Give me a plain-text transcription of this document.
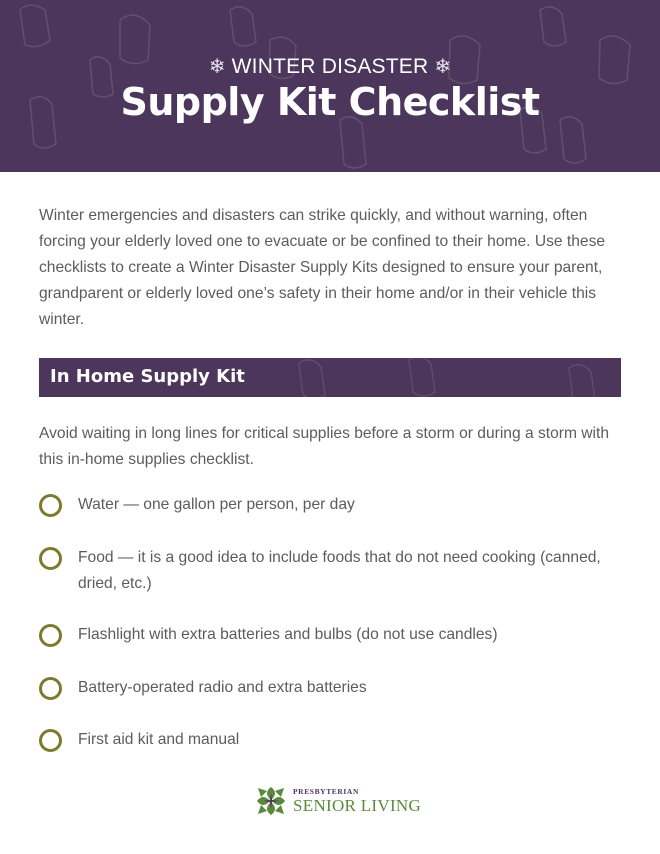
❄ WINTER DISASTER ❄
Supply Kit Checklist

Winter emergencies and disasters can strike quickly, and without warning, often forcing your elderly loved one to evacuate or be confined to their home. Use these checklists to create a Winter Disaster Supply Kits designed to ensure your parent, grandparent or elderly loved one’s safety in their home and/or in their vehicle this winter.

In Home Supply Kit

Avoid waiting in long lines for critical supplies before a storm or during a storm with this in-home supplies checklist.

Water — one gallon per person, per day
Food — it is a good idea to include foods that do not need cooking (canned, dried, etc.)
Flashlight with extra batteries and bulbs (do not use candles)
Battery-operated radio and extra batteries
First aid kit and manual
PRESBYTERIAN
SENIOR LIVING
